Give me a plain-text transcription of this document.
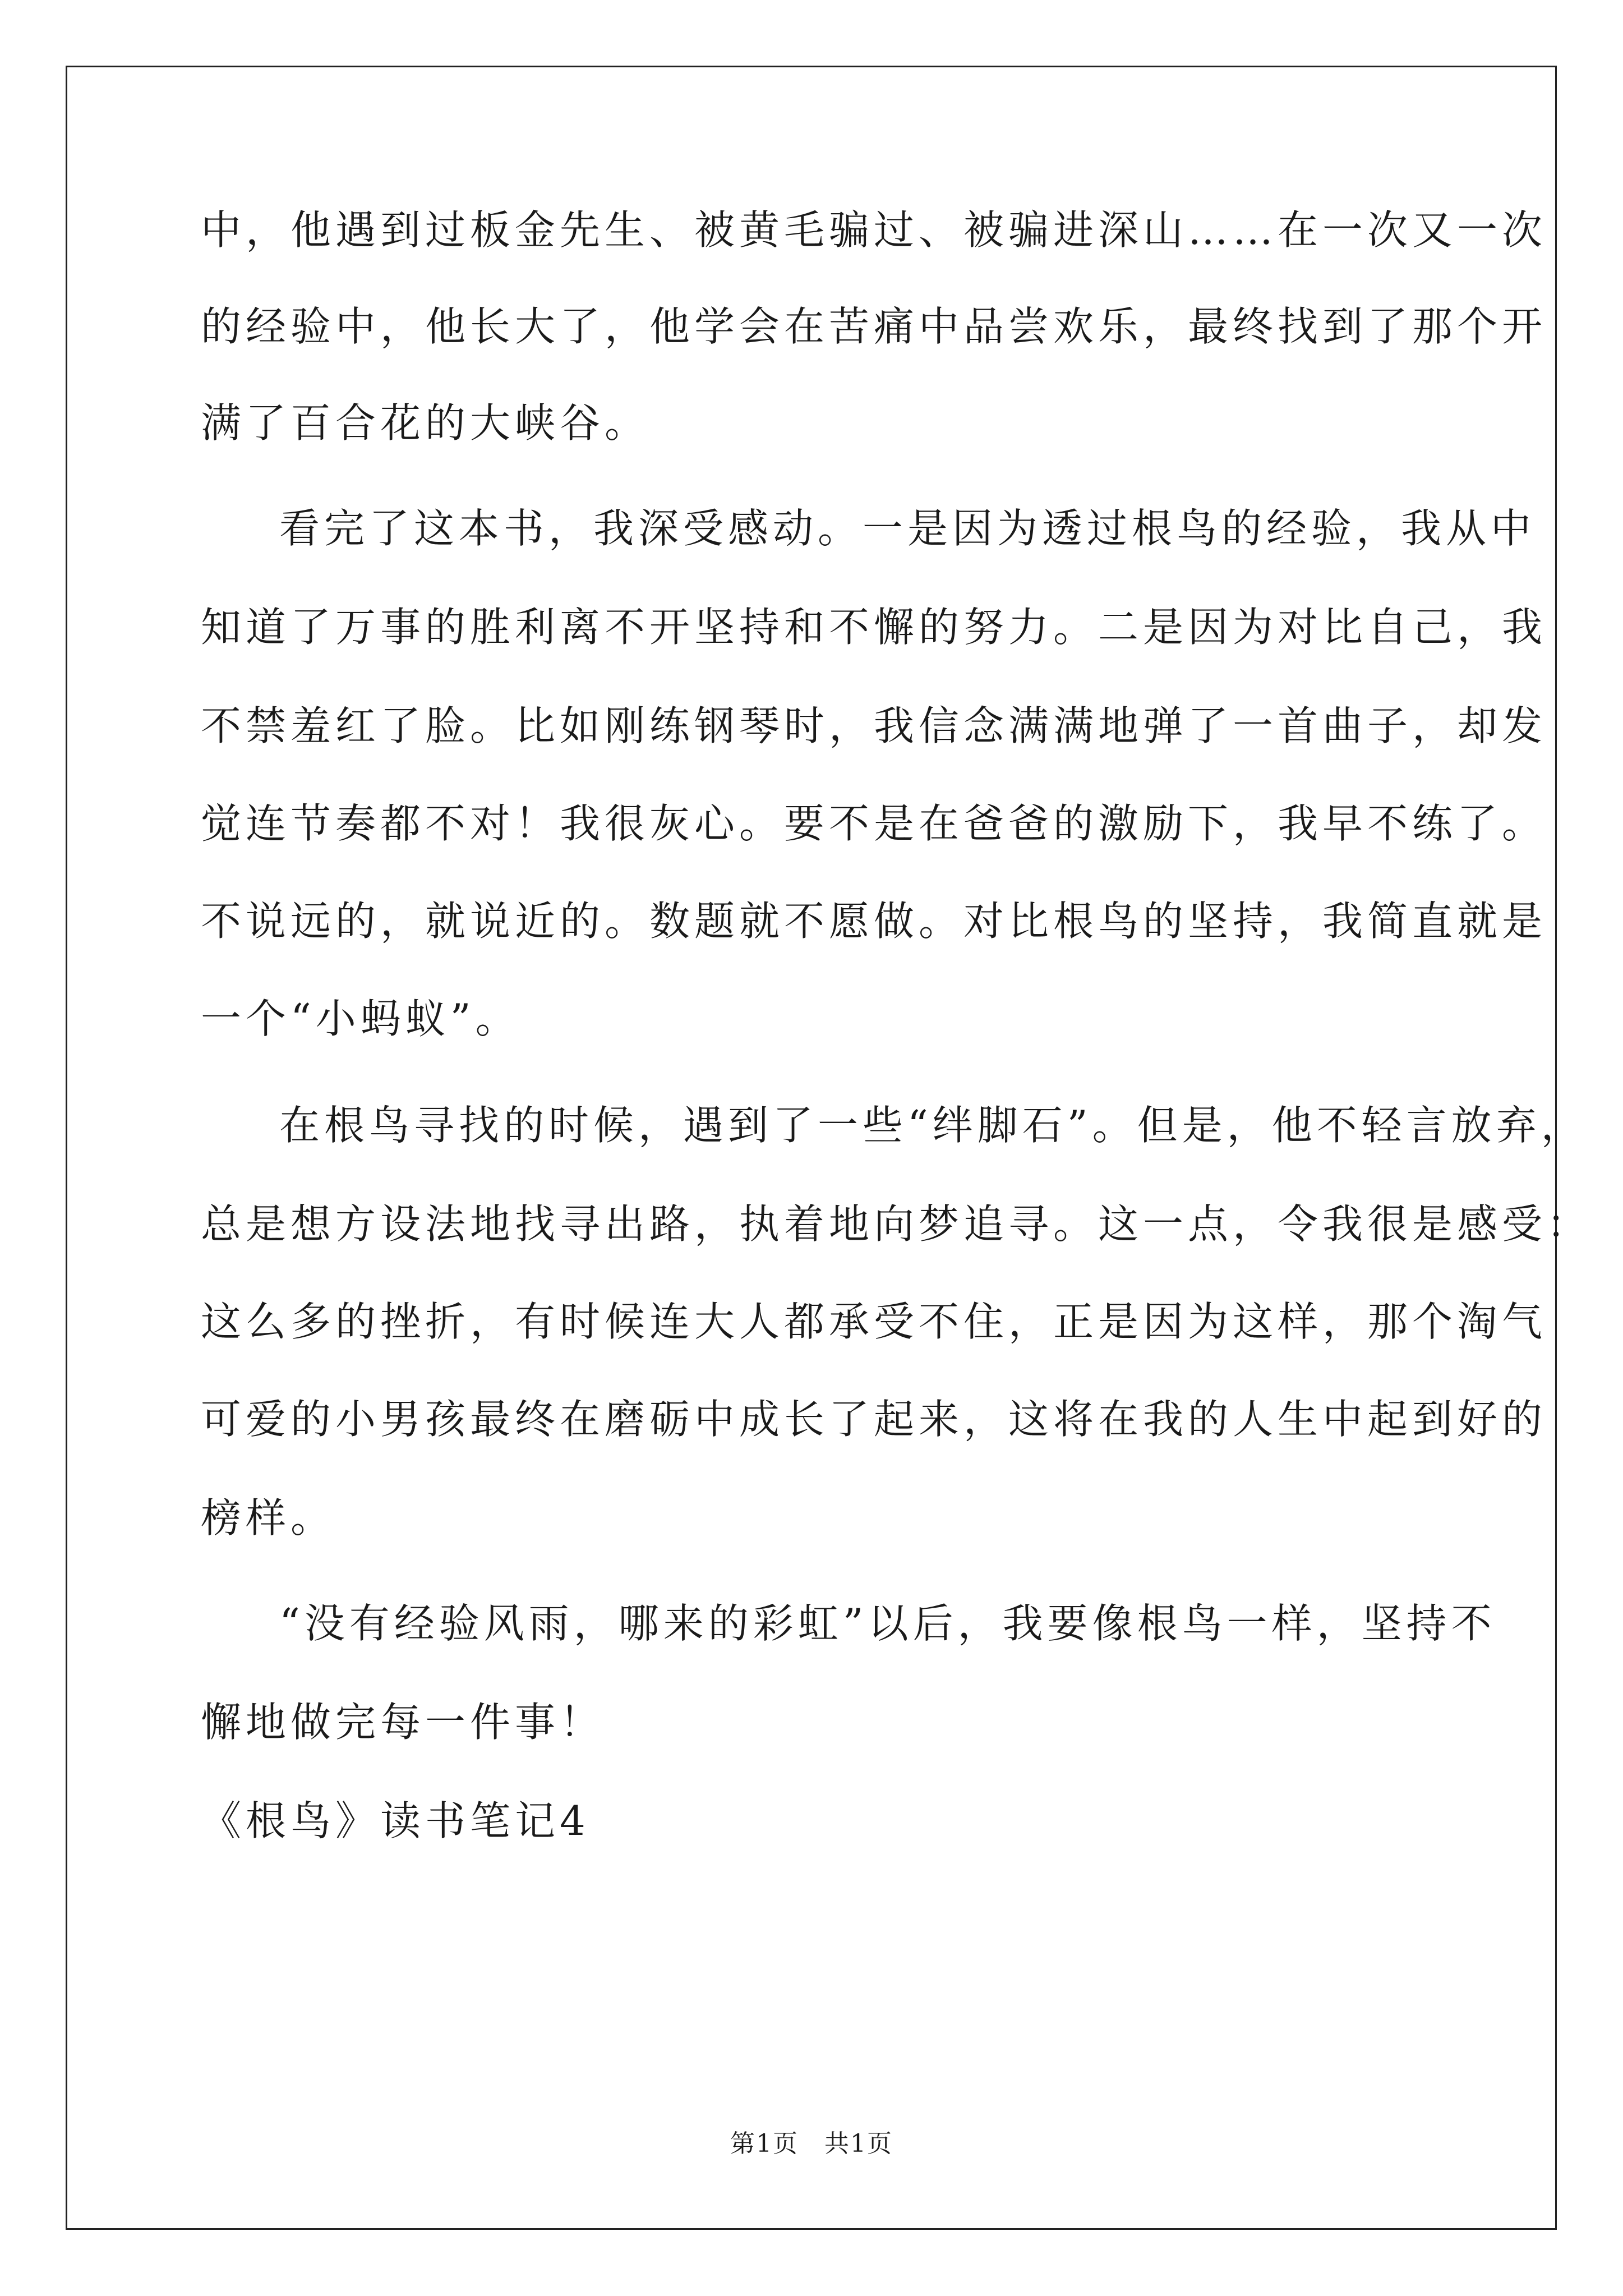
中，他遇到过板金先生、被黄毛骗过、被骗进深山……在一次又一次
的经验中，他长大了，他学会在苦痛中品尝欢乐，最终找到了那个开
满了百合花的大峡谷。
看完了这本书，我深受感动。一是因为透过根鸟的经验，我从中
知道了万事的胜利离不开坚持和不懈的努力。二是因为对比自己，我
不禁羞红了脸。比如刚练钢琴时，我信念满满地弹了一首曲子，却发
觉连节奏都不对！我很灰心。要不是在爸爸的激励下，我早不练了。
不说远的，就说近的。数题就不愿做。对比根鸟的坚持，我简直就是
一个“小蚂蚁”。
在根鸟寻找的时候，遇到了一些“绊脚石”。但是，他不轻言放弃，
总是想方设法地找寻出路，执着地向梦追寻。这一点，令我很是感受：
这么多的挫折，有时候连大人都承受不住，正是因为这样，那个淘气
可爱的小男孩最终在磨砺中成长了起来，这将在我的人生中起到好的
榜样。
“没有经验风雨，哪来的彩虹”以后，我要像根鸟一样，坚持不
懈地做完每一件事！
《根鸟》读书笔记4
第1页　共1页
